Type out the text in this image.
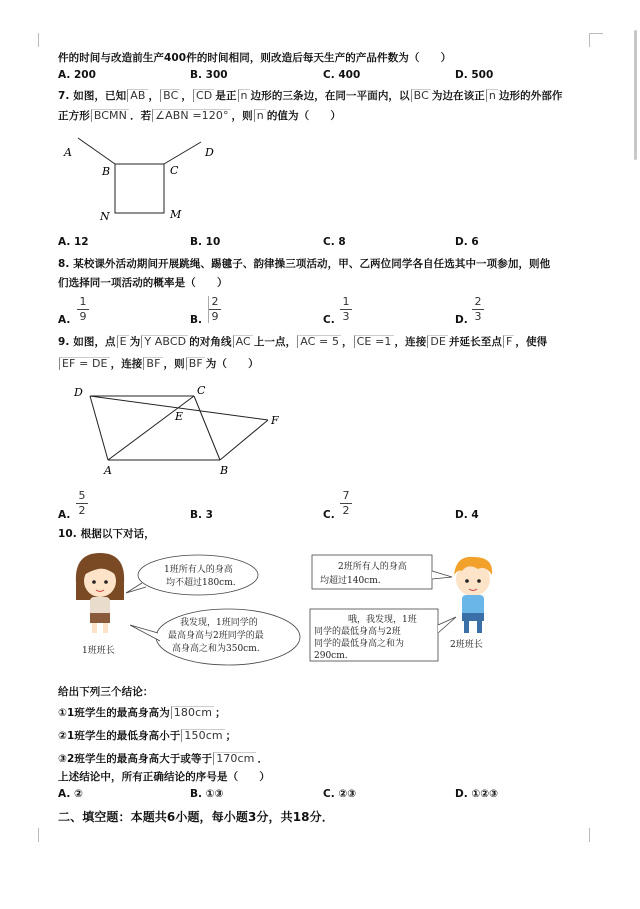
件的时间与改造前生产400件的时间相同，则改造后每天生产的产品件数为（　　）
A. 200	B. 300	C. 400	D. 500
7. 如图，已知 AB ， BC ， CD 是正 n 边形的三条边，在同一平面内，以 BC 为边在该正 n 边形的外部作
正方形 BCMN ．若 ∠ABN =120° ，则 n 的值为（　　）
A
B	C
D
N	M
A. 12	B. 10	C. 8	D. 6
8. 某校课外活动期间开展跳绳、踢毽子、韵律操三项活动，甲、乙两位同学各自任选其中一项参加，则他
们选择同一项活动的概率是（　　）
A.
1
9	B.
2
9	C.
1
3	D.
2
3
9. 如图，点 E 为 Y ABCD 的对角线 AC 上一点， AC = 5 ， CE =1 ，连接 DE 并延长至点 F ，使得
EF = DE ，连接 BF ，则 BF 为（　　）
D	C
E	F
A	B
A.
5
2	B. 3	C.
7
2	D. 4
10. 根据以下对话，
1班班长
1班所有人的身高
均不超过180cm.
我发现，1班同学的
最高身高与2班同学的最
高身高之和为350cm.
2班所有人的身高
均超过140cm.
哦，我发现，1班
同学的最低身高与2班
同学的最低身高之和为
290cm.
2班班长
给出下列三个结论：
①1班学生的最高身高为 180cm ；
②1班学生的最低身高小于 150cm ；
③2班学生的最高身高大于或等于 170cm ．
上述结论中，所有正确结论的序号是（　　）
A. ②	B. ①③	C. ②③	D. ①②③
二、填空题：本题共6小题，每小题3分，共18分．
